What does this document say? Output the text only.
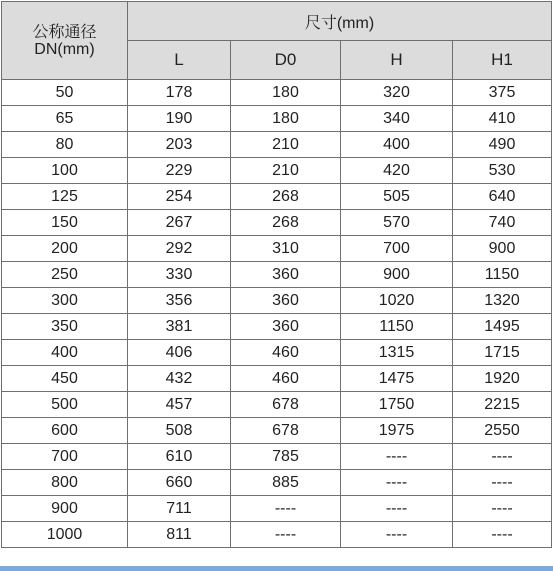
公称通径
DN(mm)	尺寸(mm)			
	L	D0	H	H1
50	178	180	320	375
65	190	180	340	410
80	203	210	400	490
100	229	210	420	530
125	254	268	505	640
150	267	268	570	740
200	292	310	700	900
250	330	360	900	1150
300	356	360	1020	1320
350	381	360	1150	1495
400	406	460	1315	1715
450	432	460	1475	1920
500	457	678	1750	2215
600	508	678	1975	2550
700	610	785	----	----
800	660	885	----	----
900	711	----	----	----
1000	811	----	----	----
